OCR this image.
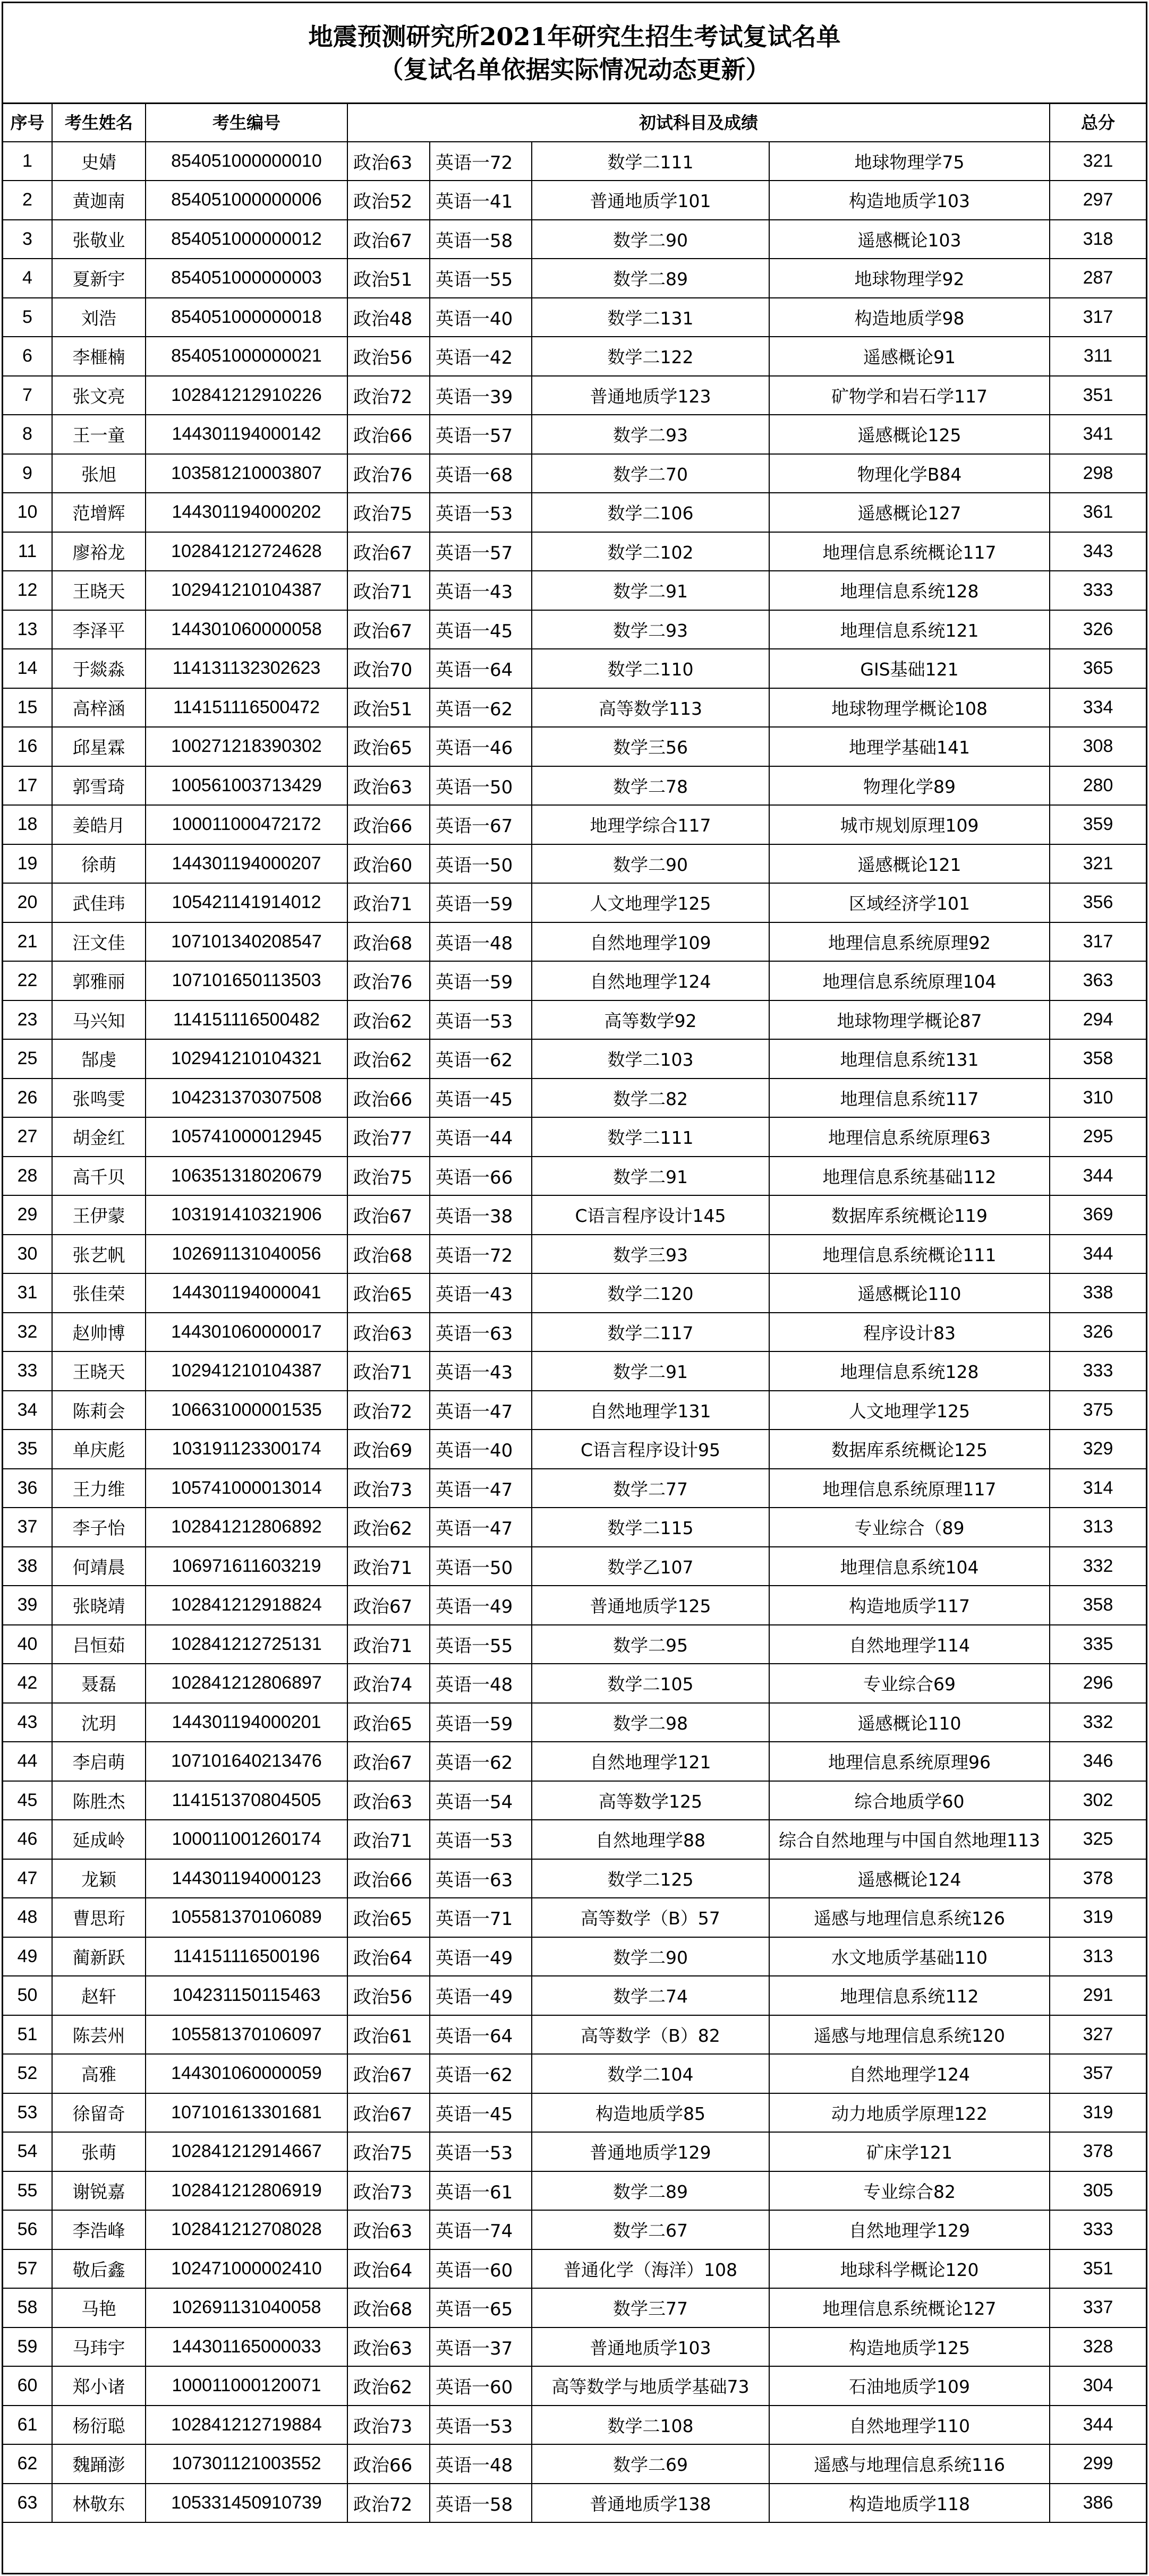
地震预测研究所2021年研究生招生考试复试名单
（复试名单依据实际情况动态更新）
序号	考生姓名	考生编号	初试科目及成绩				总分
1	史婧	854051000000010	政治63	英语一72	数学二111	地球物理学75	321
2	黄迦南	854051000000006	政治52	英语一41	普通地质学101	构造地质学103	297
3	张敬业	854051000000012	政治67	英语一58	数学二90	遥感概论103	318
4	夏新宇	854051000000003	政治51	英语一55	数学二89	地球物理学92	287
5	刘浩	854051000000018	政治48	英语一40	数学二131	构造地质学98	317
6	李榧楠	854051000000021	政治56	英语一42	数学二122	遥感概论91	311
7	张文亮	102841212910226	政治72	英语一39	普通地质学123	矿物学和岩石学117	351
8	王一童	144301194000142	政治66	英语一57	数学二93	遥感概论125	341
9	张旭	103581210003807	政治76	英语一68	数学二70	物理化学B84	298
10	范增辉	144301194000202	政治75	英语一53	数学二106	遥感概论127	361
11	廖裕龙	102841212724628	政治67	英语一57	数学二102	地理信息系统概论117	343
12	王晓天	102941210104387	政治71	英语一43	数学二91	地理信息系统128	333
13	李泽平	144301060000058	政治67	英语一45	数学二93	地理信息系统121	326
14	于燚淼	114131132302623	政治70	英语一64	数学二110	GIS基础121	365
15	高梓涵	114151116500472	政治51	英语一62	高等数学113	地球物理学概论108	334
16	邱星霖	100271218390302	政治65	英语一46	数学三56	地理学基础141	308
17	郭雪琦	100561003713429	政治63	英语一50	数学二78	物理化学89	280
18	姜皓月	100011000472172	政治66	英语一67	地理学综合117	城市规划原理109	359
19	徐萌	144301194000207	政治60	英语一50	数学二90	遥感概论121	321
20	武佳玮	105421141914012	政治71	英语一59	人文地理学125	区域经济学101	356
21	汪文佳	107101340208547	政治68	英语一48	自然地理学109	地理信息系统原理92	317
22	郭雅丽	107101650113503	政治76	英语一59	自然地理学124	地理信息系统原理104	363
23	马兴知	114151116500482	政治62	英语一53	高等数学92	地球物理学概论87	294
25	郜虔	102941210104321	政治62	英语一62	数学二103	地理信息系统131	358
26	张鸣雯	104231370307508	政治66	英语一45	数学二82	地理信息系统117	310
27	胡金红	105741000012945	政治77	英语一44	数学二111	地理信息系统原理63	295
28	高千贝	106351318020679	政治75	英语一66	数学二91	地理信息系统基础112	344
29	王伊蒙	103191410321906	政治67	英语一38	C语言程序设计145	数据库系统概论119	369
30	张艺帆	102691131040056	政治68	英语一72	数学三93	地理信息系统概论111	344
31	张佳荣	144301194000041	政治65	英语一43	数学二120	遥感概论110	338
32	赵帅博	144301060000017	政治63	英语一63	数学二117	程序设计83	326
33	王晓天	102941210104387	政治71	英语一43	数学二91	地理信息系统128	333
34	陈莉会	106631000001535	政治72	英语一47	自然地理学131	人文地理学125	375
35	单庆彪	103191123300174	政治69	英语一40	C语言程序设计95	数据库系统概论125	329
36	王力维	105741000013014	政治73	英语一47	数学二77	地理信息系统原理117	314
37	李子怡	102841212806892	政治62	英语一47	数学二115	专业综合（89	313
38	何靖晨	106971611603219	政治71	英语一50	数学乙107	地理信息系统104	332
39	张晓靖	102841212918824	政治67	英语一49	普通地质学125	构造地质学117	358
40	吕恒茹	102841212725131	政治71	英语一55	数学二95	自然地理学114	335
42	聂磊	102841212806897	政治74	英语一48	数学二105	专业综合69	296
43	沈玥	144301194000201	政治65	英语一59	数学二98	遥感概论110	332
44	李启萌	107101640213476	政治67	英语一62	自然地理学121	地理信息系统原理96	346
45	陈胜杰	114151370804505	政治63	英语一54	高等数学125	综合地质学60	302
46	延成岭	100011001260174	政治71	英语一53	自然地理学88	综合自然地理与中国自然地理113	325
47	龙颖	144301194000123	政治66	英语一63	数学二125	遥感概论124	378
48	曹思珩	105581370106089	政治65	英语一71	高等数学（B）57	遥感与地理信息系统126	319
49	蔺新跃	114151116500196	政治64	英语一49	数学二90	水文地质学基础110	313
50	赵轩	104231150115463	政治56	英语一49	数学二74	地理信息系统112	291
51	陈芸州	105581370106097	政治61	英语一64	高等数学（B）82	遥感与地理信息系统120	327
52	高雅	144301060000059	政治67	英语一62	数学二104	自然地理学124	357
53	徐留奇	107101613301681	政治67	英语一45	构造地质学85	动力地质学原理122	319
54	张萌	102841212914667	政治75	英语一53	普通地质学129	矿床学121	378
55	谢锐嘉	102841212806919	政治73	英语一61	数学二89	专业综合82	305
56	李浩峰	102841212708028	政治63	英语一74	数学二67	自然地理学129	333
57	敬后鑫	102471000002410	政治64	英语一60	普通化学（海洋）108	地球科学概论120	351
58	马艳	102691131040058	政治68	英语一65	数学三77	地理信息系统概论127	337
59	马玮宇	144301165000033	政治63	英语一37	普通地质学103	构造地质学125	328
60	郑小诸	100011000120071	政治62	英语一60	高等数学与地质学基础73	石油地质学109	304
61	杨衍聪	102841212719884	政治73	英语一53	数学二108	自然地理学110	344
62	魏踊澎	107301121003552	政治66	英语一48	数学二69	遥感与地理信息系统116	299
63	林敬东	105331450910739	政治72	英语一58	普通地质学138	构造地质学118	386
